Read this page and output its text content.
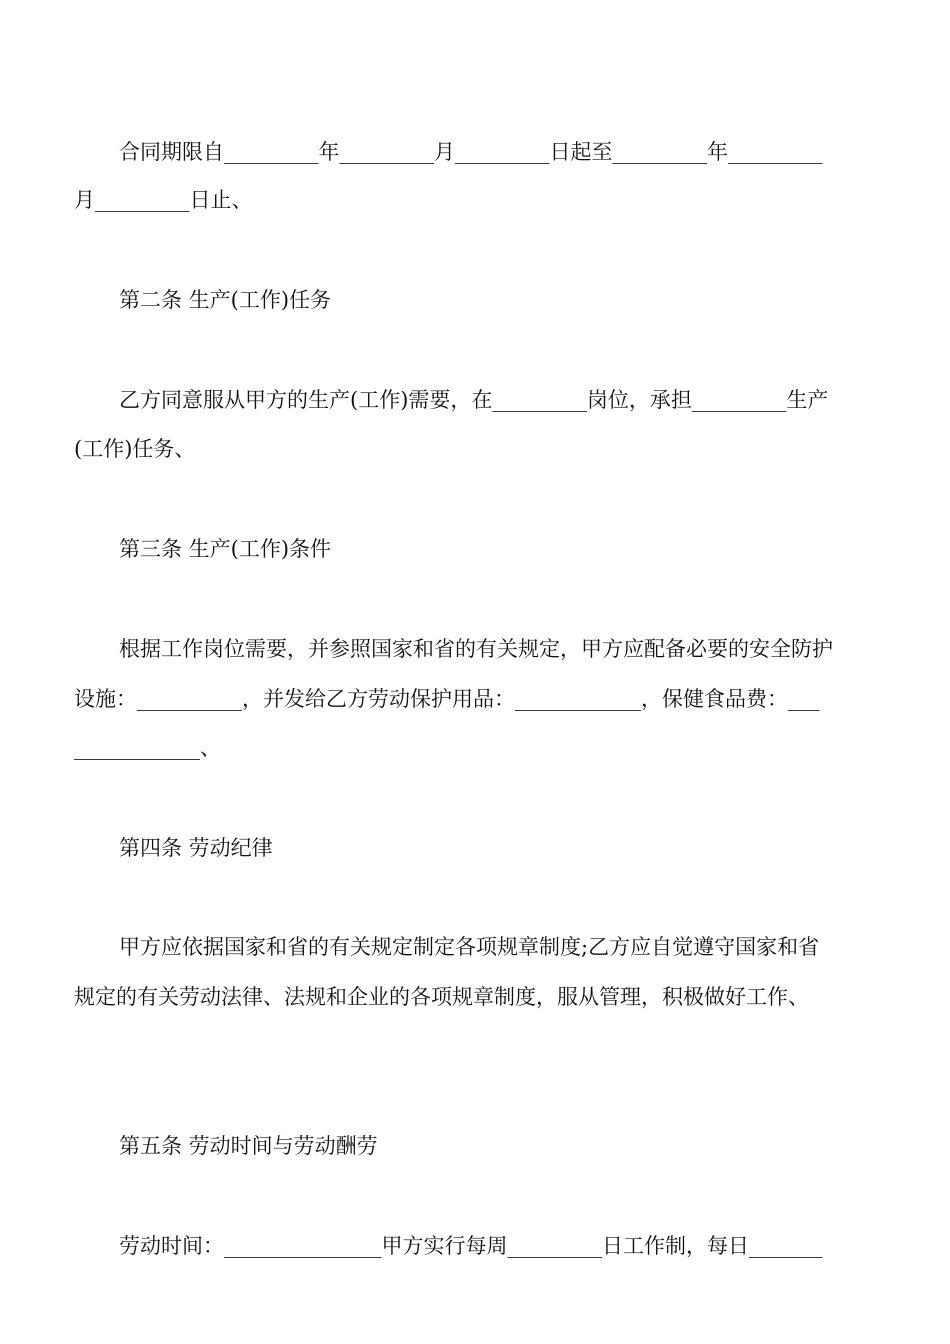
合同期限自_________年_________月_________日起至_________年_________
月_________日止、
第二条 生产(工作)任务
乙方同意服从甲方的生产(工作)需要，在_________岗位，承担_________生产
(工作)任务、
第三条 生产(工作)条件
根据工作岗位需要，并参照国家和省的有关规定，甲方应配备必要的安全防护
设施：__________，并发给乙方劳动保护用品：____________，保健食品费：___
____________、
第四条 劳动纪律
甲方应依据国家和省的有关规定制定各项规章制度;乙方应自觉遵守国家和省
规定的有关劳动法律、法规和企业的各项规章制度，服从管理，积极做好工作、
第五条 劳动时间与劳动酬劳
劳动时间：_______________甲方实行每周_________日工作制，每日_______
